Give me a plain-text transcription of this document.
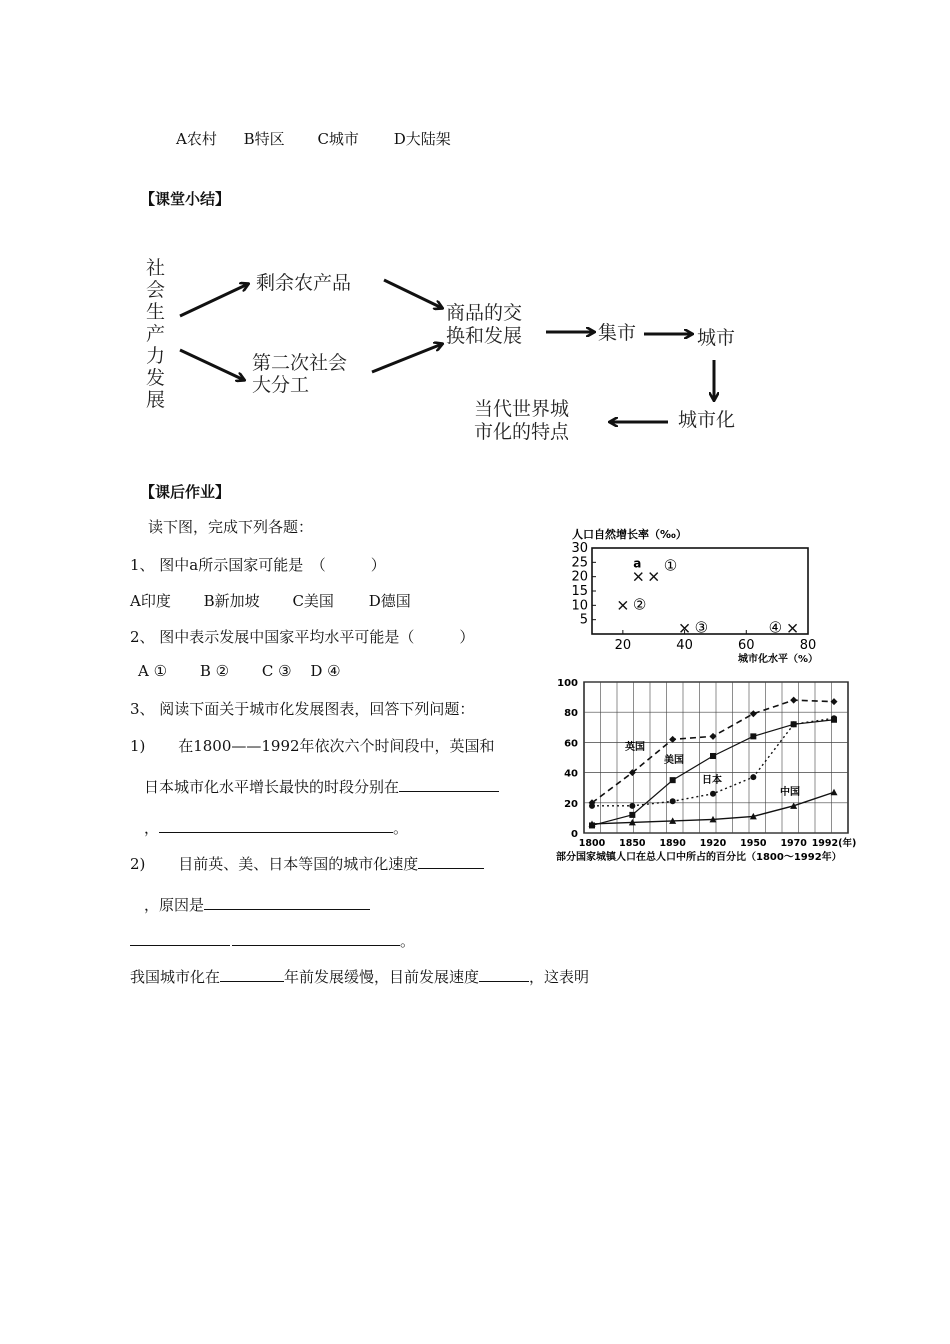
A农村 B特区 C城市 D大陆架
【课堂小结】
社
会
生
产
力
发
展
剩余农产品
第二次社会
大分工
商品的交
换和发展	集市	城市
城市化
当代世界城
市化的特点
【课后作业】
读下图，完成下列各题：
1、 图中a所示国家可能是　（　　　）
A印度 B新加坡 C美国 D德国
2、 图中表示发展中国家平均水平可能是（　　　）
A ① B ② C ③ D ④
3、 阅读下面关于城市化发展图表，回答下列问题：
1) 在1800——1992年依次六个时间段中，英国和
日本城市化水平增长最快的时段分别在
，	。
2) 目前英、美、日本等国的城市化速度
，原因是
。
我国城市化在	年前发展缓慢，目前发展速度	，这表明
人口自然增长率（‰）
城市化水平（%）
5
10
15
20
25
30
20	40	60	80
a ①
②
③	④
0
20
40
60
80
100
1800 1850 1890 1920 1950 1970 1992(年)
英国
美国
日本
中国
部分国家城镇人口在总人口中所占的百分比（1800～1992年）
